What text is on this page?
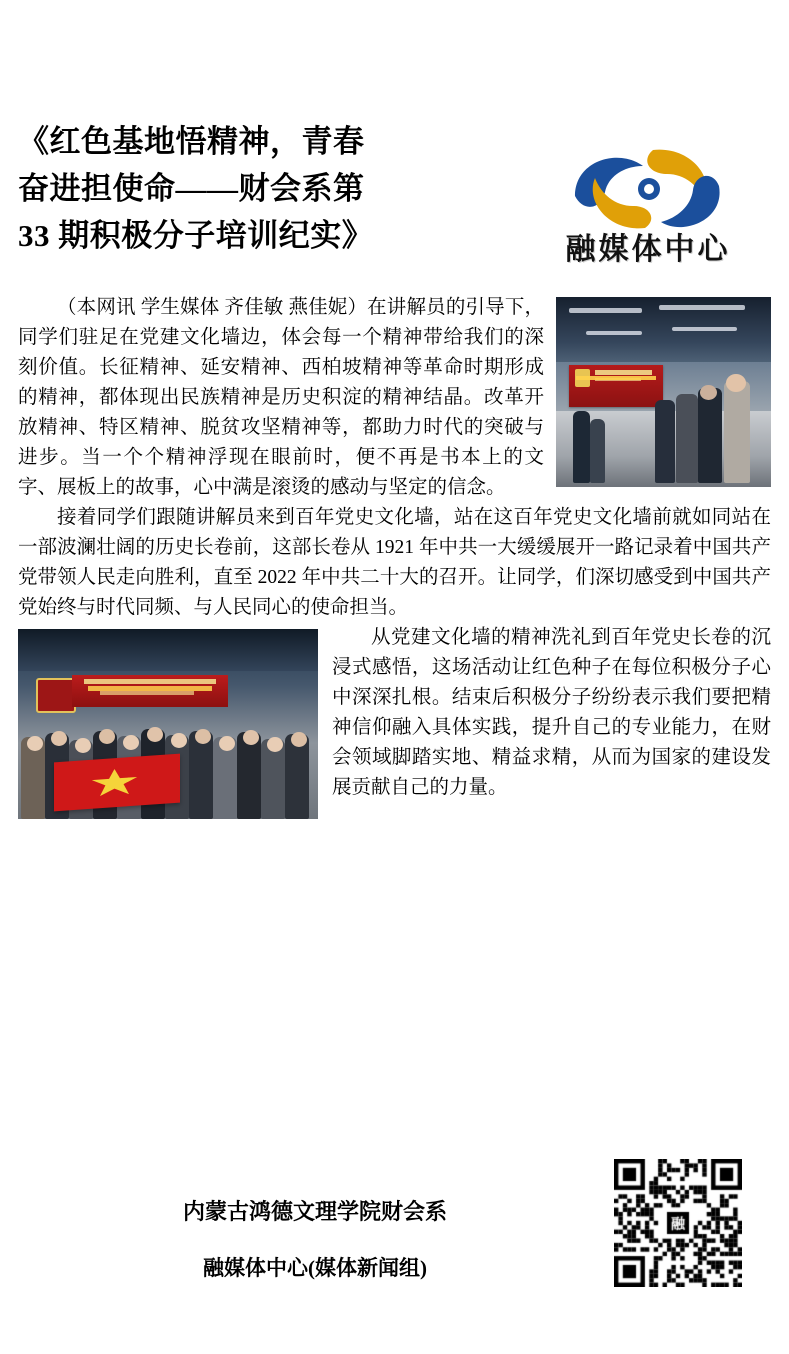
《红色基地悟精神，青春
奋进担使命——财会系第
33 期积极分子培训纪实》	融媒体中心

（本网讯 学生媒体 齐佳敏 燕佳妮）在讲解员的引导下，同学们驻足在党建文化墙边，体会每一个精神带给我们的深刻价值。长征精神、延安精神、西柏坡精神等革命时期形成的精神，都体现出民族精神是历史积淀的精神结晶。改革开放精神、特区精神、脱贫攻坚精神等，都助力时代的突破与进步。当一个个精神浮现在眼前时，便不再是书本上的文字、展板上的故事，心中满是滚烫的感动与坚定的信念。

接着同学们跟随讲解员来到百年党史文化墙，站在这百年党史文化墙前就如同站在一部波澜壮阔的历史长卷前，这部长卷从 1921 年中共一大缓缓展开一路记录着中国共产党带领人民走向胜利，直至 2022 年中共二十大的召开。让同学，们深切感受到中国共产党始终与时代同频、与人民同心的使命担当。

从党建文化墙的精神洗礼到百年党史长卷的沉浸式感悟，这场活动让红色种子在每位积极分子心中深深扎根。结束后积极分子纷纷表示我们要把精神信仰融入具体实践，提升自己的专业能力，在财会领域脚踏实地、精益求精，从而为国家的建设发展贡献自己的力量。

内蒙古鸿德文理学院财会系
融媒体中心(媒体新闻组)
